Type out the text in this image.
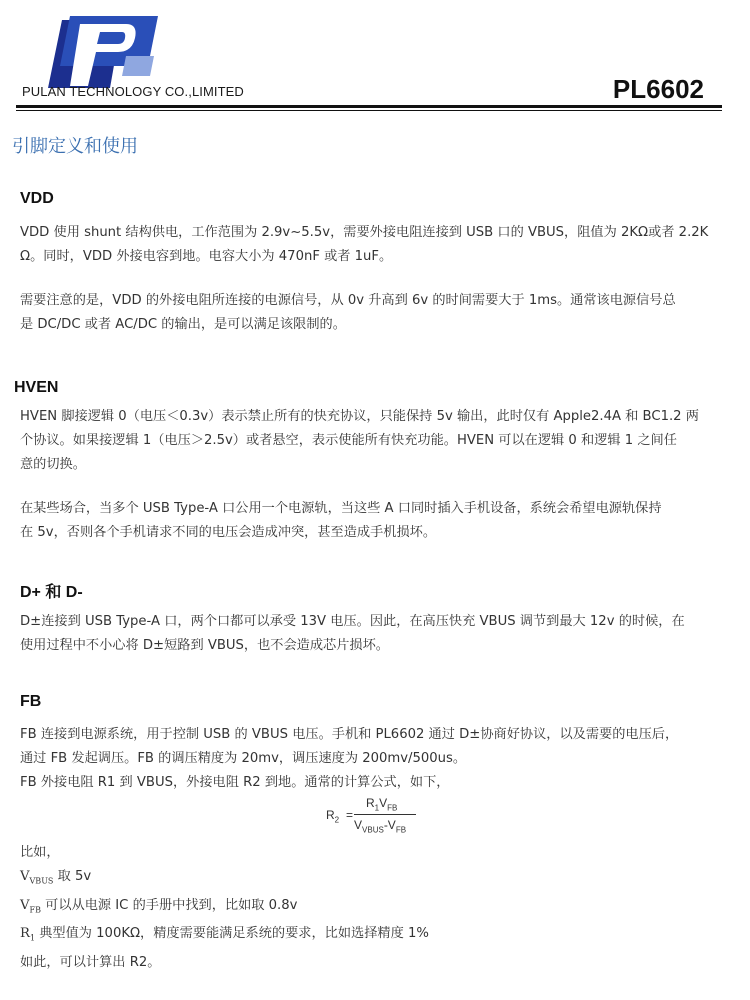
PULAN TECHNOLOGY CO.,LIMITED	PL6602
引脚定义和使用
VDD
VDD 使用 shunt 结构供电，工作范围为 2.9v~5.5v，需要外接电阻连接到 USB 口的 VBUS，阻值为 2KΩ或者 2.2K
Ω。同时，VDD 外接电容到地。电容大小为 470nF 或者 1uF。
需要注意的是，VDD 的外接电阻所连接的电源信号，从 0v 升高到 6v 的时间需要大于 1ms。通常该电源信号总
是 DC/DC 或者 AC/DC 的输出，是可以满足该限制的。
HVEN
HVEN 脚接逻辑 0（电压＜0.3v）表示禁止所有的快充协议，只能保持 5v 输出，此时仅有 Apple2.4A 和 BC1.2 两
个协议。如果接逻辑 1（电压＞2.5v）或者悬空，表示使能所有快充功能。HVEN 可以在逻辑 0 和逻辑 1 之间任
意的切换。
在某些场合，当多个 USB Type-A 口公用一个电源轨，当这些 A 口同时插入手机设备，系统会希望电源轨保持
在 5v，否则各个手机请求不同的电压会造成冲突，甚至造成手机损坏。
D+ 和 D-
D±连接到 USB Type-A 口，两个口都可以承受 13V 电压。因此，在高压快充 VBUS 调节到最大 12v 的时候，在
使用过程中不小心将 D±短路到 VBUS，也不会造成芯片损坏。
FB
FB 连接到电源系统，用于控制 USB 的 VBUS 电压。手机和 PL6602 通过 D±协商好协议，以及需要的电压后，
通过 FB 发起调压。FB 的调压精度为 20mv，调压速度为 200mv/500us。
FB 外接电阻 R1 到 VBUS，外接电阻 R2 到地。通常的计算公式，如下，
$R_2$ =
$R_1V_{FB}$
$V_{VBUS}-V_{FB}$
比如，
$V_{VBUS}$ 取 5v
$V_{FB}$ 可以从电源 IC 的手册中找到，比如取 0.8v
$R_1$ 典型值为 100KΩ，精度需要能满足系统的要求，比如选择精度 1%
如此，可以计算出 R2。
